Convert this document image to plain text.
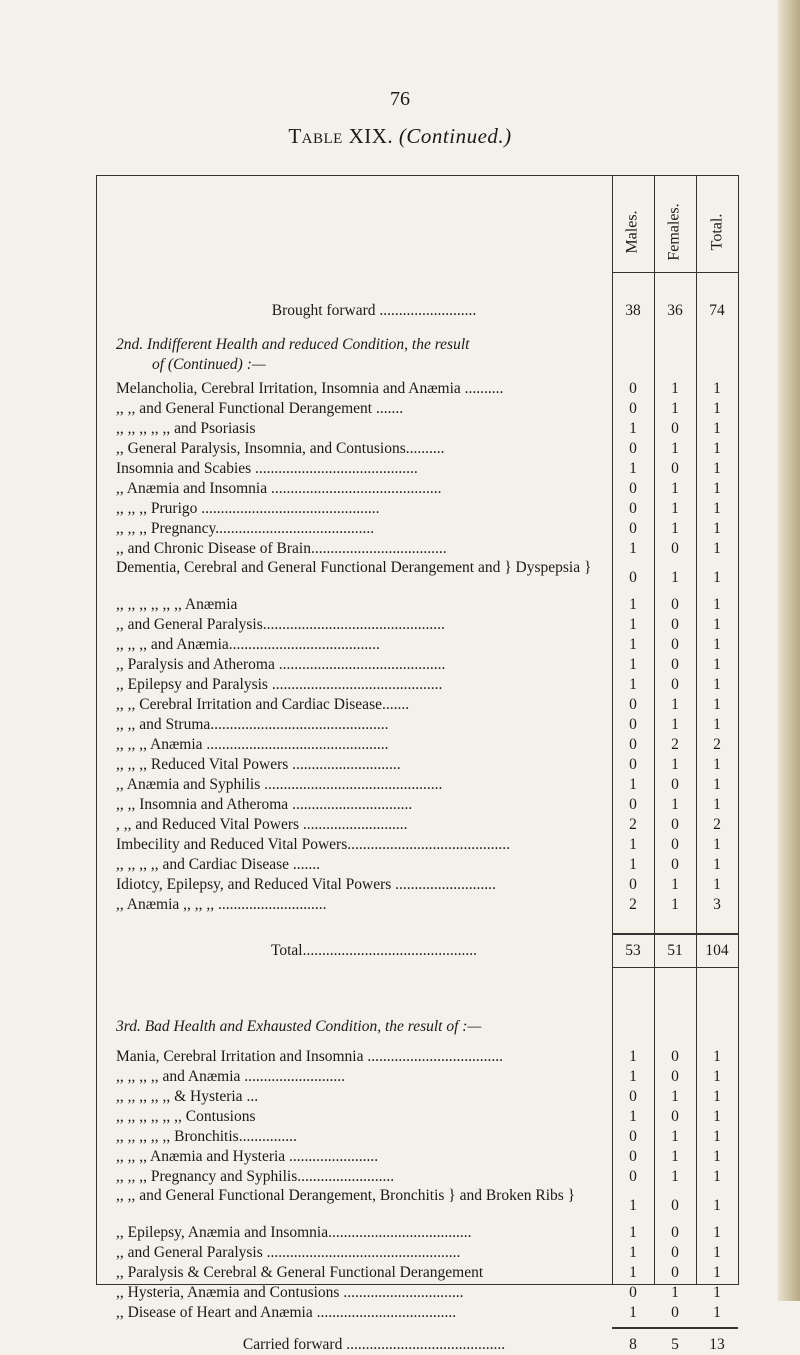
76
Table XIX. (Continued.)
Males. Females. Total.
Brought forward .........................	38	36	74
2nd. Indifferent Health and reduced Condition, the result
of (Continued) :—
Melancholia, Cerebral Irritation, Insomnia and Anæmia ..........	0	1	1
,, ,, and General Functional Derangement .......	0	1	1
,, ,, ,, ,, ,, and Psoriasis	1	0	1
,, General Paralysis, Insomnia, and Contusions..........	0	1	1
Insomnia and Scabies ..........................................	1	0	1
,, Anæmia and Insomnia ............................................	0	1	1
,, ,, ,, Prurigo ..............................................	0	1	1
,, ,, ,, Pregnancy.........................................	0	1	1
,, and Chronic Disease of Brain...................................	1	0	1
Dementia, Cerebral and General Functional Derangement and } Dyspepsia }
0	1	1
,, ,, ,, ,, ,, ,, Anæmia	1	0	1
,, and General Paralysis...............................................	1	0	1
,, ,, ,, and Anæmia.......................................	1	0	1
,, Paralysis and Atheroma ...........................................	1	0	1
,, Epilepsy and Paralysis ............................................	1	0	1
,, ,, Cerebral Irritation and Cardiac Disease.......	0	1	1
,, ,, and Struma..............................................	0	1	1
,, ,, ,, Anæmia ...............................................	0	2	2
,, ,, ,, Reduced Vital Powers ............................	0	1	1
,, Anæmia and Syphilis ..............................................	1	0	1
,, ,, Insomnia and Atheroma ...............................	0	1	1
, ,, and Reduced Vital Powers ...........................	2	0	2
Imbecility and Reduced Vital Powers..........................................	1	0	1
,, ,, ,, ,, and Cardiac Disease .......	1	0	1
Idiotcy, Epilepsy, and Reduced Vital Powers ..........................	0	1	1
,, Anæmia ,, ,, ,, ............................	2	1	3
Total.............................................	53	51	104
3rd. Bad Health and Exhausted Condition, the result of :—
Mania, Cerebral Irritation and Insomnia ...................................	1	0	1
,, ,, ,, ,, and Anæmia ..........................	1	0	1
,, ,, ,, ,, ,, & Hysteria ...	0	1	1
,, ,, ,, ,, ,, ,, Contusions	1	0	1
,, ,, ,, ,, ,, Bronchitis...............	0	1	1
,, ,, ,, Anæmia and Hysteria .......................	0	1	1
,, ,, ,, Pregnancy and Syphilis.........................	0	1	1
,, ,, and General Functional Derangement, Bronchitis } and Broken Ribs }
1	0	1
,, Epilepsy, Anæmia and Insomnia.....................................	1	0	1
,, and General Paralysis ..................................................	1	0	1
,, Paralysis & Cerebral & General Functional Derangement	1	0	1
,, Hysteria, Anæmia and Contusions ...............................	0	1	1
,, Disease of Heart and Anæmia ....................................	1	0	1
Carried forward .........................................	8	5	13
